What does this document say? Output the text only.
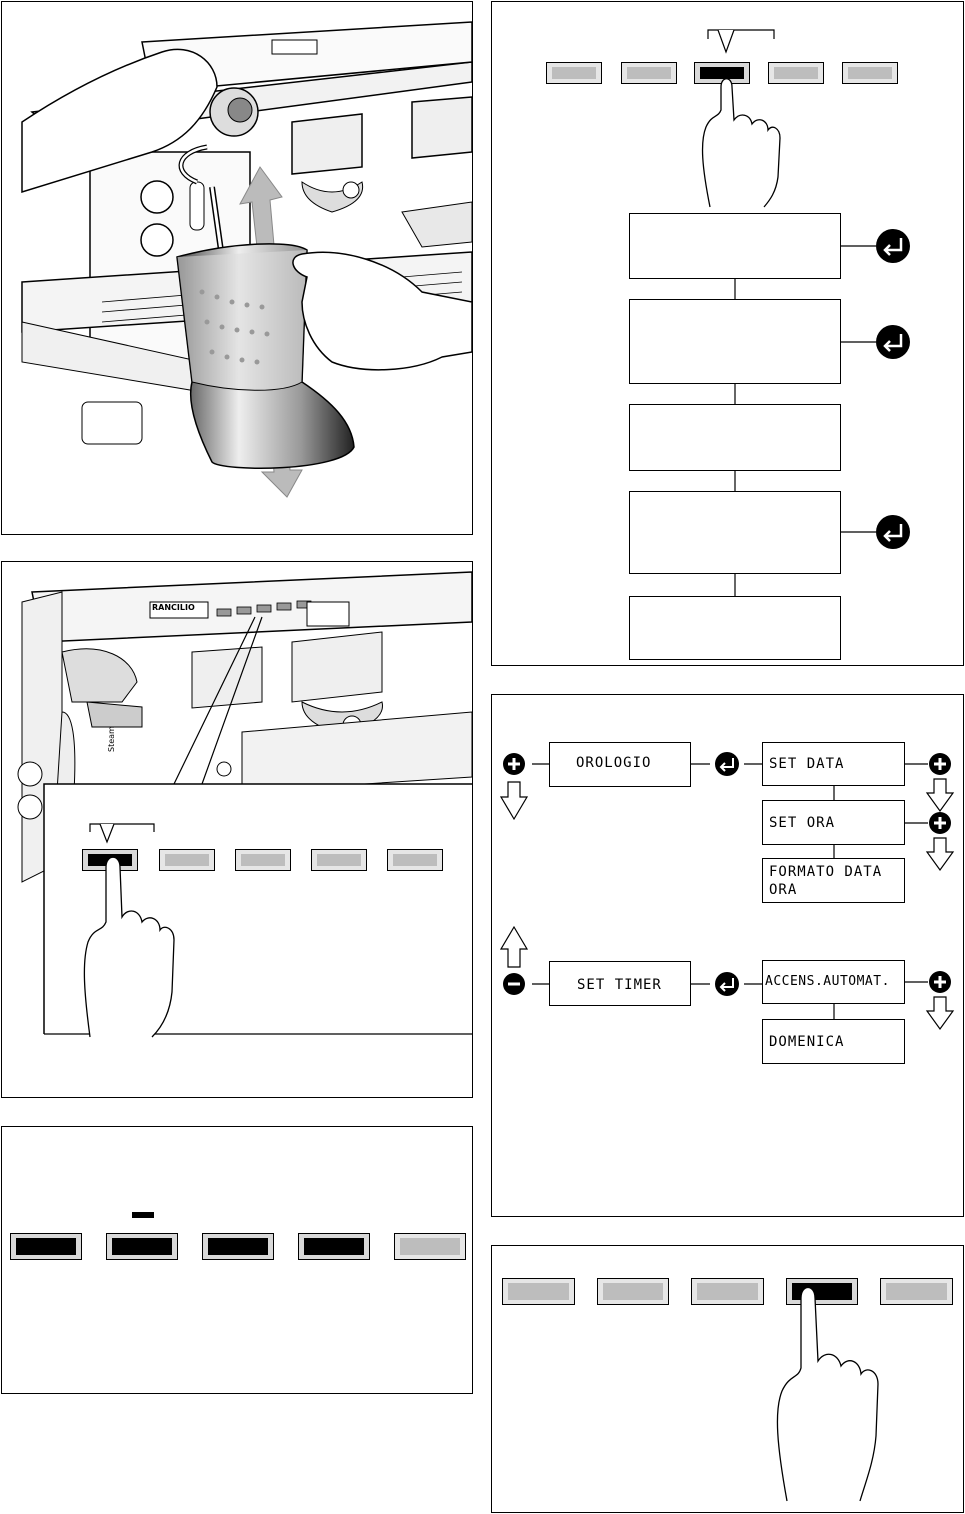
Steam
RANCILIO
OROLOGIO	SET DATA
SET ORA
FORMATO DATA
ORA
SET TIMER	ACCENS.AUTOMAT.
DOMENICA
